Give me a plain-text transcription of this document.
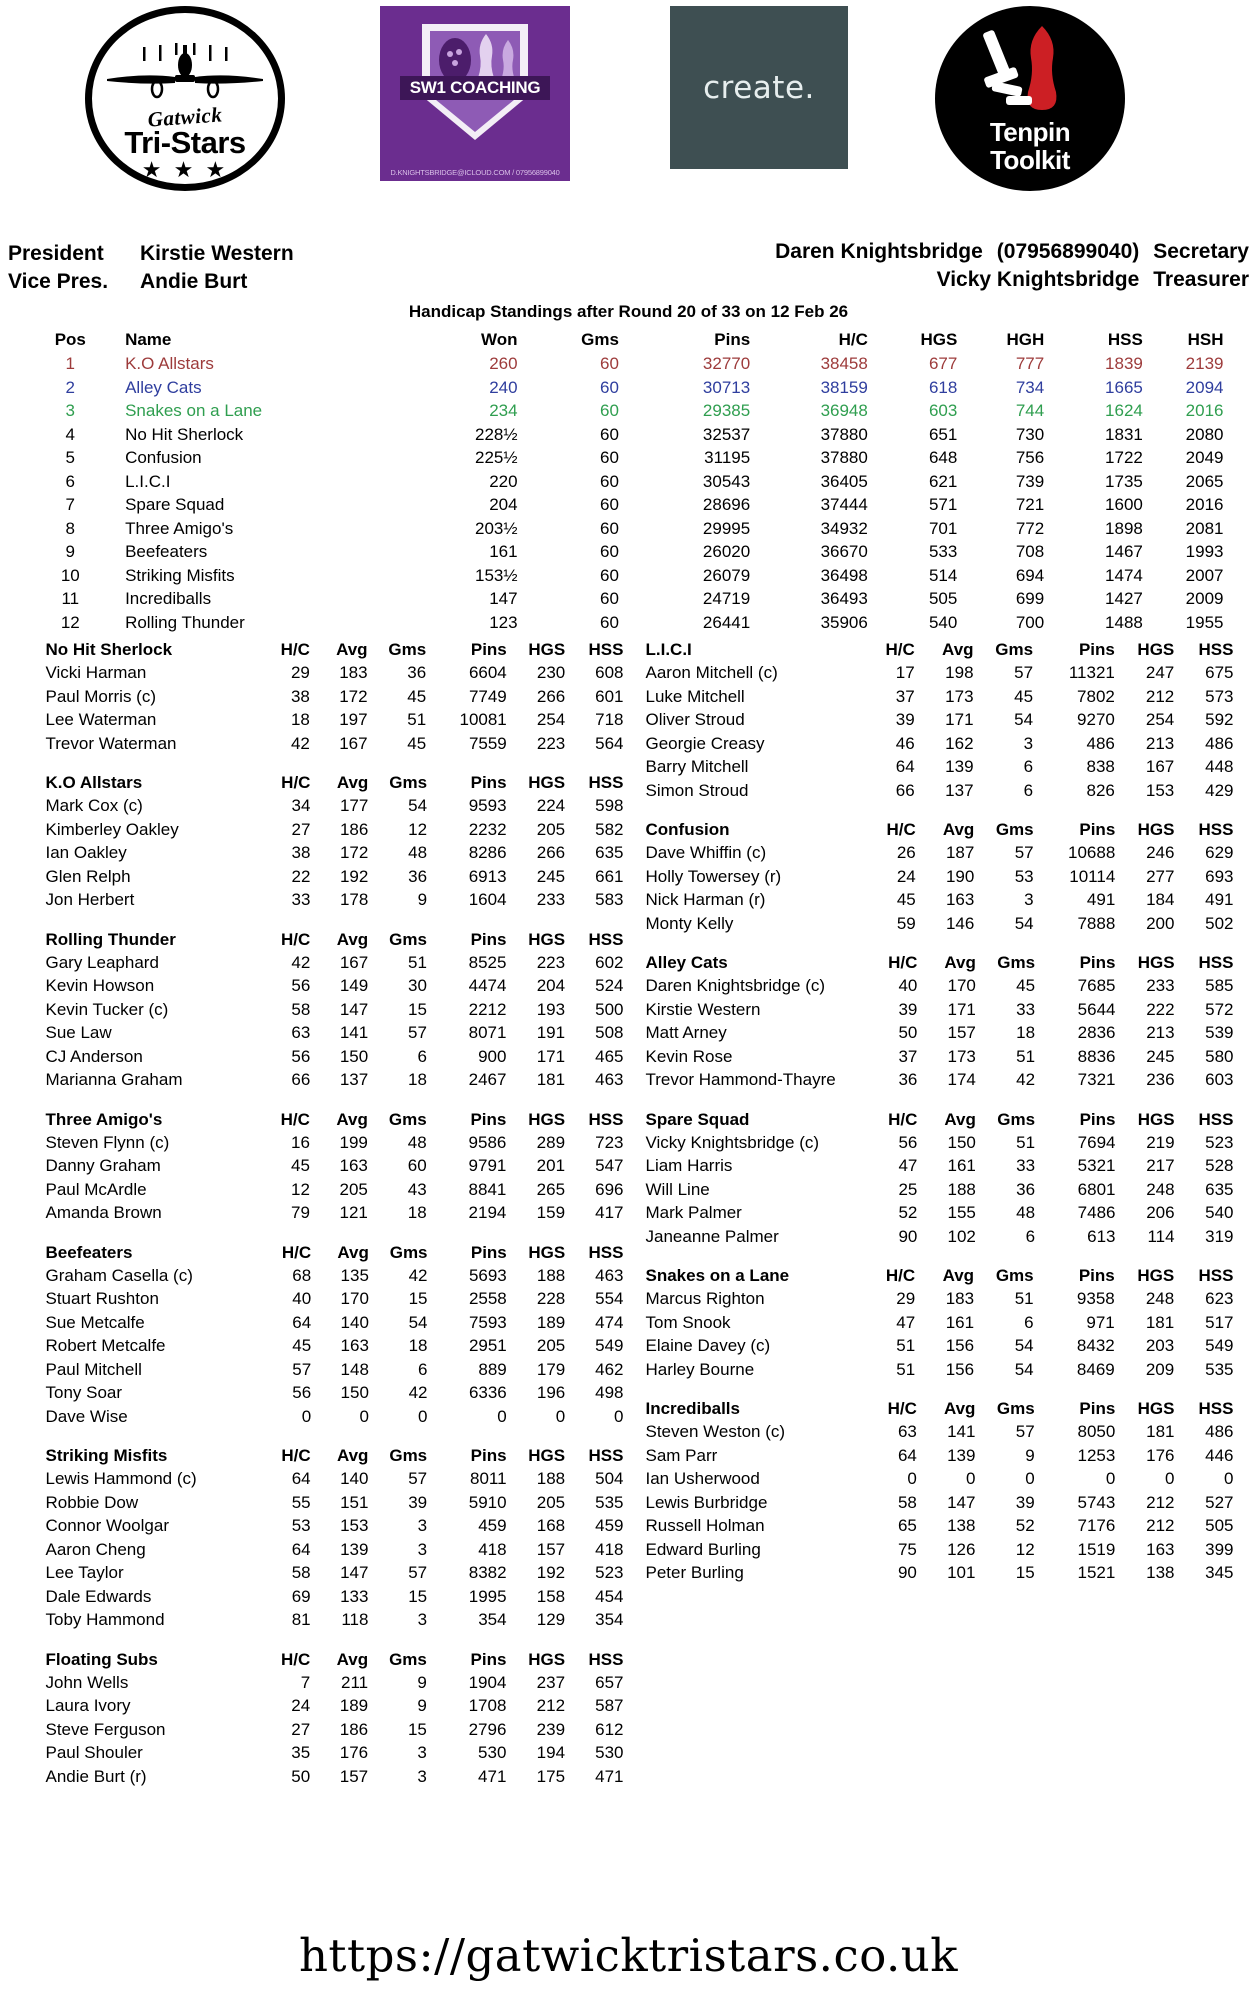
Gatwick
Tri-Stars
★ ★ ★
SW1 COACHING
D.KNIGHTSBRIDGE@ICLOUD.COM / 07956899040
create.
Tenpin
Toolkit
President	Kirstie Western
Vice Pres.	Andie Burt
Daren Knightsbridge (07956899040) Secretary
Vicky Knightsbridge Treasurer
Handicap Standings after Round 20 of 33 on 12 Feb 26
Pos	Name	Won	Gms	Pins	H/C	HGS	HGH	HSS	HSH
1	K.O Allstars	260	60	32770	38458	677	777	1839	2139
2	Alley Cats	240	60	30713	38159	618	734	1665	2094
3	Snakes on a Lane	234	60	29385	36948	603	744	1624	2016
4	No Hit Sherlock	228½	60	32537	37880	651	730	1831	2080
5	Confusion	225½	60	31195	37880	648	756	1722	2049
6	L.I.C.I	220	60	30543	36405	621	739	1735	2065
7	Spare Squad	204	60	28696	37444	571	721	1600	2016
8	Three Amigo's	203½	60	29995	34932	701	772	1898	2081
9	Beefeaters	161	60	26020	36670	533	708	1467	1993
10	Striking Misfits	153½	60	26079	36498	514	694	1474	2007
11	Incrediballs	147	60	24719	36493	505	699	1427	2009
12	Rolling Thunder	123	60	26441	35906	540	700	1488	1955
No Hit Sherlock	H/C	Avg	Gms	Pins	HGS	HSS
Vicki Harman	29	183	36	6604	230	608
Paul Morris (c)	38	172	45	7749	266	601
Lee Waterman	18	197	51	10081	254	718
Trevor Waterman	42	167	45	7559	223	564
K.O Allstars	H/C	Avg	Gms	Pins	HGS	HSS
Mark Cox (c)	34	177	54	9593	224	598
Kimberley Oakley	27	186	12	2232	205	582
Ian Oakley	38	172	48	8286	266	635
Glen Relph	22	192	36	6913	245	661
Jon Herbert	33	178	9	1604	233	583
Rolling Thunder	H/C	Avg	Gms	Pins	HGS	HSS
Gary Leaphard	42	167	51	8525	223	602
Kevin Howson	56	149	30	4474	204	524
Kevin Tucker (c)	58	147	15	2212	193	500
Sue Law	63	141	57	8071	191	508
CJ Anderson	56	150	6	900	171	465
Marianna Graham	66	137	18	2467	181	463
Three Amigo's	H/C	Avg	Gms	Pins	HGS	HSS
Steven Flynn (c)	16	199	48	9586	289	723
Danny Graham	45	163	60	9791	201	547
Paul McArdle	12	205	43	8841	265	696
Amanda Brown	79	121	18	2194	159	417
Beefeaters	H/C	Avg	Gms	Pins	HGS	HSS
Graham Casella (c)	68	135	42	5693	188	463
Stuart Rushton	40	170	15	2558	228	554
Sue Metcalfe	64	140	54	7593	189	474
Robert Metcalfe	45	163	18	2951	205	549
Paul Mitchell	57	148	6	889	179	462
Tony Soar	56	150	42	6336	196	498
Dave Wise	0	0	0	0	0	0
Striking Misfits	H/C	Avg	Gms	Pins	HGS	HSS
Lewis Hammond (c)	64	140	57	8011	188	504
Robbie Dow	55	151	39	5910	205	535
Connor Woolgar	53	153	3	459	168	459
Aaron Cheng	64	139	3	418	157	418
Lee Taylor	58	147	57	8382	192	523
Dale Edwards	69	133	15	1995	158	454
Toby Hammond	81	118	3	354	129	354
Floating Subs	H/C	Avg	Gms	Pins	HGS	HSS
John Wells	7	211	9	1904	237	657
Laura Ivory	24	189	9	1708	212	587
Steve Ferguson	27	186	15	2796	239	612
Paul Shouler	35	176	3	530	194	530
Andie Burt (r)	50	157	3	471	175	471
L.I.C.I	H/C	Avg	Gms	Pins	HGS	HSS
Aaron Mitchell (c)	17	198	57	11321	247	675
Luke Mitchell	37	173	45	7802	212	573
Oliver Stroud	39	171	54	9270	254	592
Georgie Creasy	46	162	3	486	213	486
Barry Mitchell	64	139	6	838	167	448
Simon Stroud	66	137	6	826	153	429
Confusion	H/C	Avg	Gms	Pins	HGS	HSS
Dave Whiffin (c)	26	187	57	10688	246	629
Holly Towersey (r)	24	190	53	10114	277	693
Nick Harman (r)	45	163	3	491	184	491
Monty Kelly	59	146	54	7888	200	502
Alley Cats	H/C	Avg	Gms	Pins	HGS	HSS
Daren Knightsbridge (c)	40	170	45	7685	233	585
Kirstie Western	39	171	33	5644	222	572
Matt Arney	50	157	18	2836	213	539
Kevin Rose	37	173	51	8836	245	580
Trevor Hammond-Thayre	36	174	42	7321	236	603
Spare Squad	H/C	Avg	Gms	Pins	HGS	HSS
Vicky Knightsbridge (c)	56	150	51	7694	219	523
Liam Harris	47	161	33	5321	217	528
Will Line	25	188	36	6801	248	635
Mark Palmer	52	155	48	7486	206	540
Janeanne Palmer	90	102	6	613	114	319
Snakes on a Lane	H/C	Avg	Gms	Pins	HGS	HSS
Marcus Righton	29	183	51	9358	248	623
Tom Snook	47	161	6	971	181	517
Elaine Davey (c)	51	156	54	8432	203	549
Harley Bourne	51	156	54	8469	209	535
Incrediballs	H/C	Avg	Gms	Pins	HGS	HSS
Steven Weston (c)	63	141	57	8050	181	486
Sam Parr	64	139	9	1253	176	446
Ian Usherwood	0	0	0	0	0	0
Lewis Burbridge	58	147	39	5743	212	527
Russell Holman	65	138	52	7176	212	505
Edward Burling	75	126	12	1519	163	399
Peter Burling	90	101	15	1521	138	345
https://gatwicktristars.co.uk
